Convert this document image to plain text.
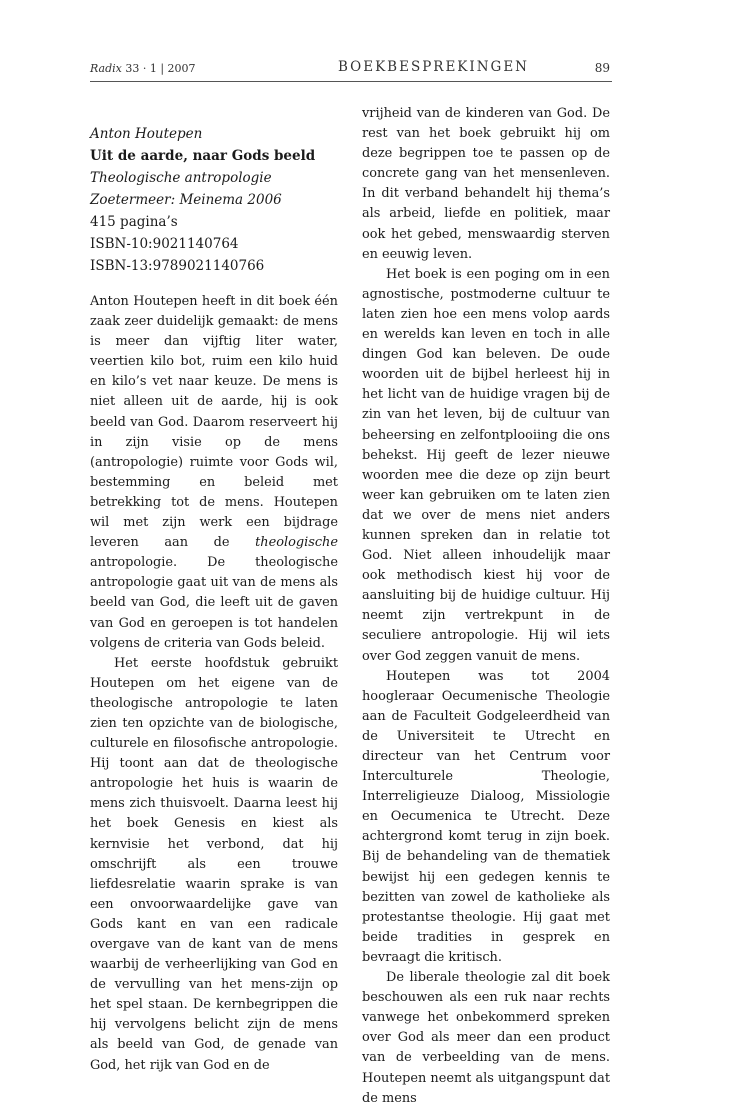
Radix 33 · 1 | 2007	BOEKBESPREKINGEN	89
Anton Houtepen
Uit de aarde, naar Gods beeld
Theologische antropologie
Zoetermeer: Meinema 2006
415 pagina’s
ISBN-10:9021140764
ISBN-13:9789021140766

Anton Houtepen heeft in dit boek één zaak zeer duidelijk gemaakt: de mens is meer dan vijftig liter water, veertien kilo bot, ruim een kilo huid en kilo’s vet naar keuze. De mens is niet alleen uit de aarde, hij is ook beeld van God. Daarom reserveert hij in zijn visie op de mens (antropologie) ruimte voor Gods wil, bestemming en beleid met betrekking tot de mens. Houtepen wil met zijn werk een bijdrage leveren aan de theologische antropologie. De theologische antropologie gaat uit van de mens als beeld van God, die leeft uit de gaven van God en geroepen is tot handelen volgens de criteria van Gods beleid.

Het eerste hoofdstuk gebruikt Houtepen om het eigene van de theologische antropologie te laten zien ten opzichte van de biologische, culturele en filosofische antropologie. Hij toont aan dat de theologische antropologie het huis is waarin de mens zich thuisvoelt. Daarna leest hij het boek Genesis en kiest als kernvisie het verbond, dat hij omschrijft als een trouwe liefdesrelatie waarin sprake is van een onvoorwaardelijke gave van Gods kant en van een radicale overgave van de kant van de mens waarbij de verheerlijking van God en de vervulling van het mens-zijn op het spel staan. De kernbegrippen die hij vervolgens belicht zijn de mens als beeld van God, de genade van God, het rijk van God en de

vrijheid van de kinderen van God. De rest van het boek gebruikt hij om deze begrippen toe te passen op de concrete gang van het mensenleven. In dit verband behandelt hij thema’s als arbeid, liefde en politiek, maar ook het gebed, menswaardig sterven en eeuwig leven.

Het boek is een poging om in een agnostische, postmoderne cultuur te laten zien hoe een mens volop aards en werelds kan leven en toch in alle dingen God kan beleven. De oude woorden uit de bijbel herleest hij in het licht van de huidige vragen bij de zin van het leven, bij de cultuur van beheersing en zelfontplooiing die ons behekst. Hij geeft de lezer nieuwe woorden mee die deze op zijn beurt weer kan gebruiken om te laten zien dat we over de mens niet anders kunnen spreken dan in relatie tot God. Niet alleen inhoudelijk maar ook methodisch kiest hij voor de aansluiting bij de huidige cultuur. Hij neemt zijn vertrekpunt in de seculiere antropologie. Hij wil iets over God zeggen vanuit de mens.

Houtepen was tot 2004 hoogleraar Oecumenische Theologie aan de Faculteit Godgeleerdheid van de Universiteit te Utrecht en directeur van het Centrum voor Interculturele Theologie, Interreligieuze Dialoog, Missiologie en Oecumenica te Utrecht. Deze achtergrond komt terug in zijn boek. Bij de behandeling van de thematiek bewijst hij een gedegen kennis te bezitten van zowel de katholieke als protestantse theologie. Hij gaat met beide tradities in gesprek en bevraagt die kritisch.

De liberale theologie zal dit boek beschouwen als een ruk naar rechts vanwege het onbekommerd spreken over God als meer dan een product van de verbeelding van de mens. Houtepen neemt als uitgangspunt dat de mens
